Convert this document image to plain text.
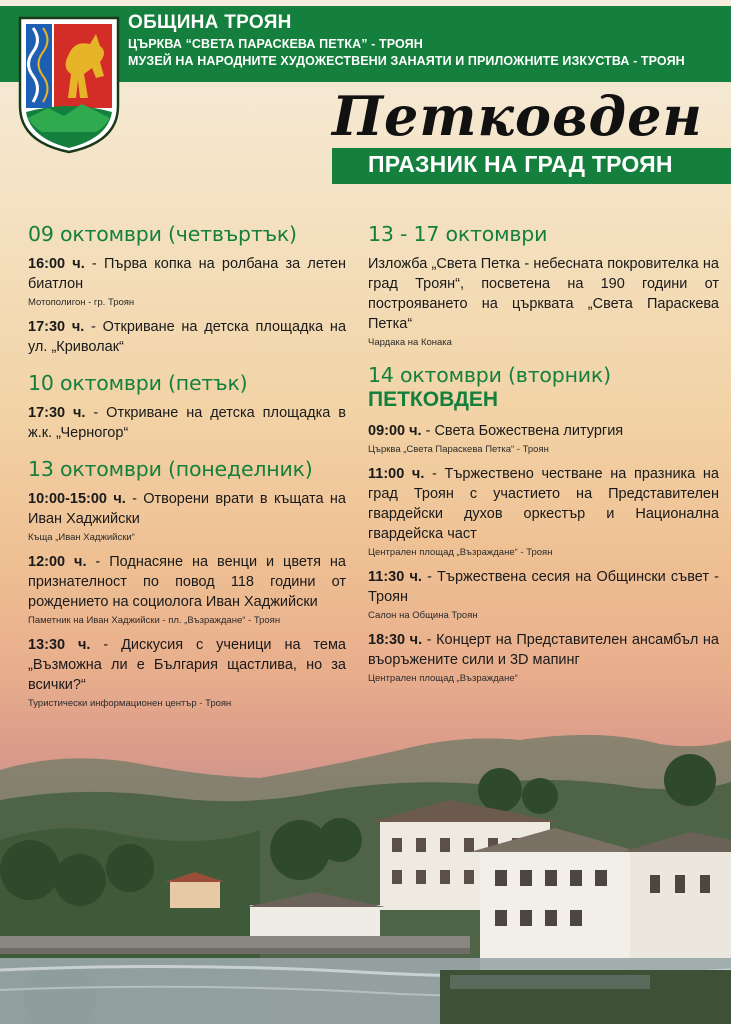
ОБЩИНА ТРОЯН
ЦЪРКВА “СВЕТА ПАРАСКЕВА ПЕТКА” - ТРОЯН
МУЗЕЙ НА НАРОДНИТЕ ХУДОЖЕСТВЕНИ ЗАНАЯТИ И ПРИЛОЖНИТЕ ИЗКУСТВА - ТРОЯН
Петковден
ПРАЗНИК НА ГРАД ТРОЯН
09 октомври (четвъртък)
16:00 ч. - Първа копка на ролбана за летен биатлон
Мотополигон - гр. Троян
17:30 ч. - Откриване на детска площадка на ул. „Криволак“
10 октомври (петък)
17:30 ч. - Откриване на детска площадка в ж.к. „Черногор“
13 октомври (понеделник)
10:00-15:00 ч. - Отворени врати в къщата на Иван Хаджийски
Къща „Иван Хаджийски“
12:00 ч. - Поднасяне на венци и цветя на признателност по повод 118 години от рождението на социолога Иван Хаджийски
Паметник на Иван Хаджийски - пл. „Възраждане“ - Троян
13:30 ч. - Дискусия с ученици на тема „Възможна ли е България щастлива, но за всички?“
Туристически информационен център - Троян
13 - 17 октомври
Изложба „Света Петка - небесната покровителка на град Троян“, посветена на 190 години от построяването на църквата „Света Параскева Петка“
Чардака на Конака
14 октомври (вторник)
ПЕТКОВДЕН
09:00 ч. - Света Божествена литургия
Църква „Света Параскева Петка“ - Троян
11:00 ч. - Тържествено честване на празника на град Троян с участието на Представителен гвардейски духов оркестър и Национална гвардейска част
Централен площад „Възраждане“ - Троян
11:30 ч. - Тържествена сесия на Общински съвет - Троян
Салон на Община Троян
18:30 ч. - Концерт на Представителен ансамбъл на въоръжените сили и 3D мапинг
Централен площад „Възраждане“
